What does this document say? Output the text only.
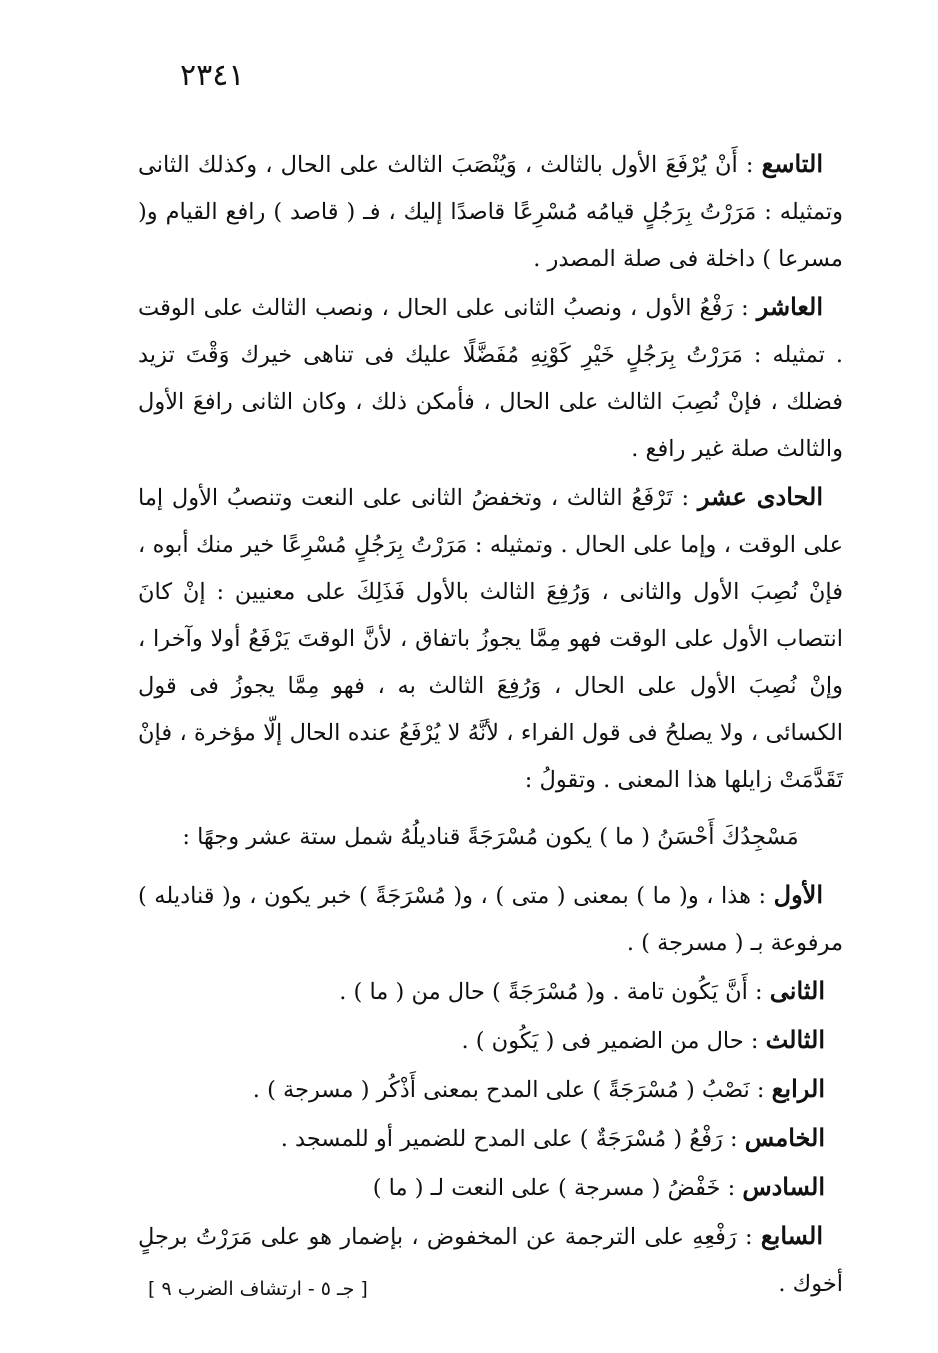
٢٣٤١

التاسع : أَنْ يُرْفَعَ الأول بالثالث ، وَيُنْصَبَ الثالث على الحال ، وكذلك الثانى وتمثيله : مَرَرْتُ بِرَجُلٍ قيامُه مُسْرِعًا قاصدًا إليك ، فـ ( قاصد ) رافع القيام و( مسرعا ) داخلة فى صلة المصدر .

العاشر : رَفْعُ الأول ، ونصبُ الثانى على الحال ، ونصب الثالث على الوقت . تمثيله : مَرَرْتُ بِرَجُلٍ خَيْرِ كَوْنِهِ مُفَضَّلًا عليك فى تناهى خيرك وَقْتَ تزيد فضلك ، فإنْ نُصِبَ الثالث على الحال ، فأمكن ذلك ، وكان الثانى رافعَ الأول والثالث صلة غير رافع .

الحادى عشر : تَرْفَعُ الثالث ، وتخفضُ الثانى على النعت وتنصبُ الأول إما على الوقت ، وإما على الحال . وتمثيله : مَرَرْتُ بِرَجُلٍ مُسْرِعًا خير منك أبوه ، فإنْ نُصِبَ الأول والثانى ، وَرُفِعَ الثالث بالأول فَذَلِكَ على معنيين : إنْ كانَ انتصاب الأول على الوقت فهو مِمَّا يجوزُ باتفاق ، لأنَّ الوقتَ يَرْفَعُ أولا وآخرا ، وإنْ نُصِبَ الأول على الحال ، وَرُفِعَ الثالث به ، فهو مِمَّا يجوزُ فى قول الكسائى ، ولا يصلحُ فى قول الفراء ، لأنَّهُ لا يُرْفَعُ عنده الحال إلّا مؤخرة ، فإنْ تَقَدَّمَتْ زايلها هذا المعنى . وتقولُ :

مَسْجِدُكَ أَحْسَنُ ( ما ) يكون مُسْرَجَةً قناديلُهُ شمل ستة عشر وجهًا :

الأول : هذا ، و( ما ) بمعنى ( متى ) ، و( مُسْرَجَةً ) خبر يكون ، و( قناديله ) مرفوعة بـ ( مسرجة ) .

الثانى : أَنَّ يَكُون تامة . و( مُسْرَجَةً ) حال من ( ما ) .

الثالث : حال من الضمير فى ( يَكُون ) .

الرابع : نَصْبُ ( مُسْرَجَةً ) على المدح بمعنى أَذْكُر ( مسرجة ) .

الخامس : رَفْعُ ( مُسْرَجَةٌ ) على المدح للضمير أو للمسجد .

السادس : خَفْضُ ( مسرجة ) على النعت لـ ( ما )

السابع : رَفْعِهِ على الترجمة عن المخفوض ، بإضمار هو على مَرَرْتُ برجلٍ أخوك .

[ جـ ٥ - ارتشاف الضرب ٩ ]
